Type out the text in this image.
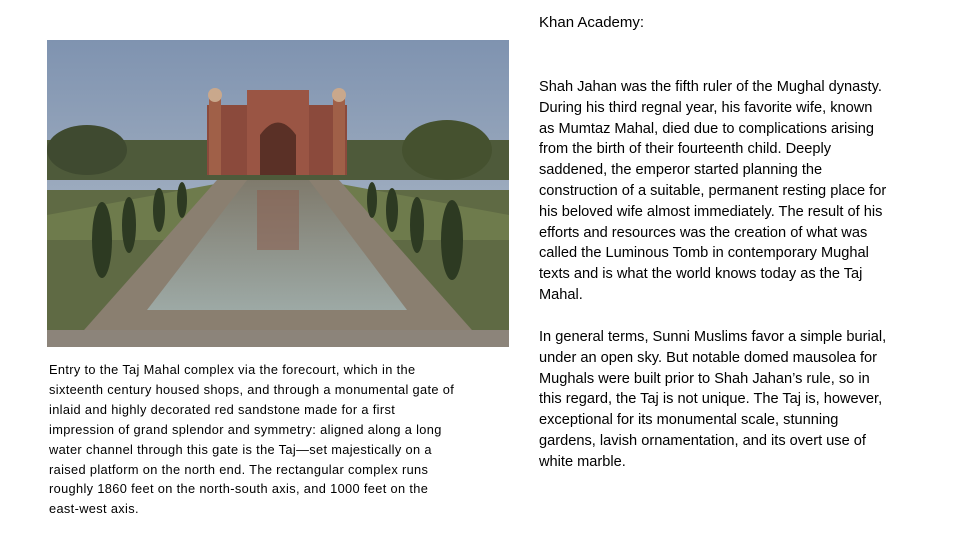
Khan Academy:
Entry to the Taj Mahal complex via the forecourt, which in the
sixteenth century housed shops, and through a monumental gate of
inlaid and highly decorated red sandstone made for a first
impression of grand splendor and symmetry: aligned along a long
water channel through this gate is the Taj—set majestically on a
raised platform on the north end. The rectangular complex runs
roughly 1860 feet on the north-south axis, and 1000 feet on the
east-west axis.
Shah Jahan was the fifth ruler of the Mughal dynasty.
During his third regnal year, his favorite wife, known
as Mumtaz Mahal, died due to complications arising
from the birth of their fourteenth child. Deeply
saddened, the emperor started planning the
construction of a suitable, permanent resting place for
his beloved wife almost immediately. The result of his
efforts and resources was the creation of what was
called the Luminous Tomb in contemporary Mughal
texts and is what the world knows today as the Taj
Mahal.
In general terms, Sunni Muslims favor a simple burial,
under an open sky. But notable domed mausolea for
Mughals were built prior to Shah Jahan’s rule, so in
this regard, the Taj is not unique. The Taj is, however,
exceptional for its monumental scale, stunning
gardens, lavish ornamentation, and its overt use of
white marble.
